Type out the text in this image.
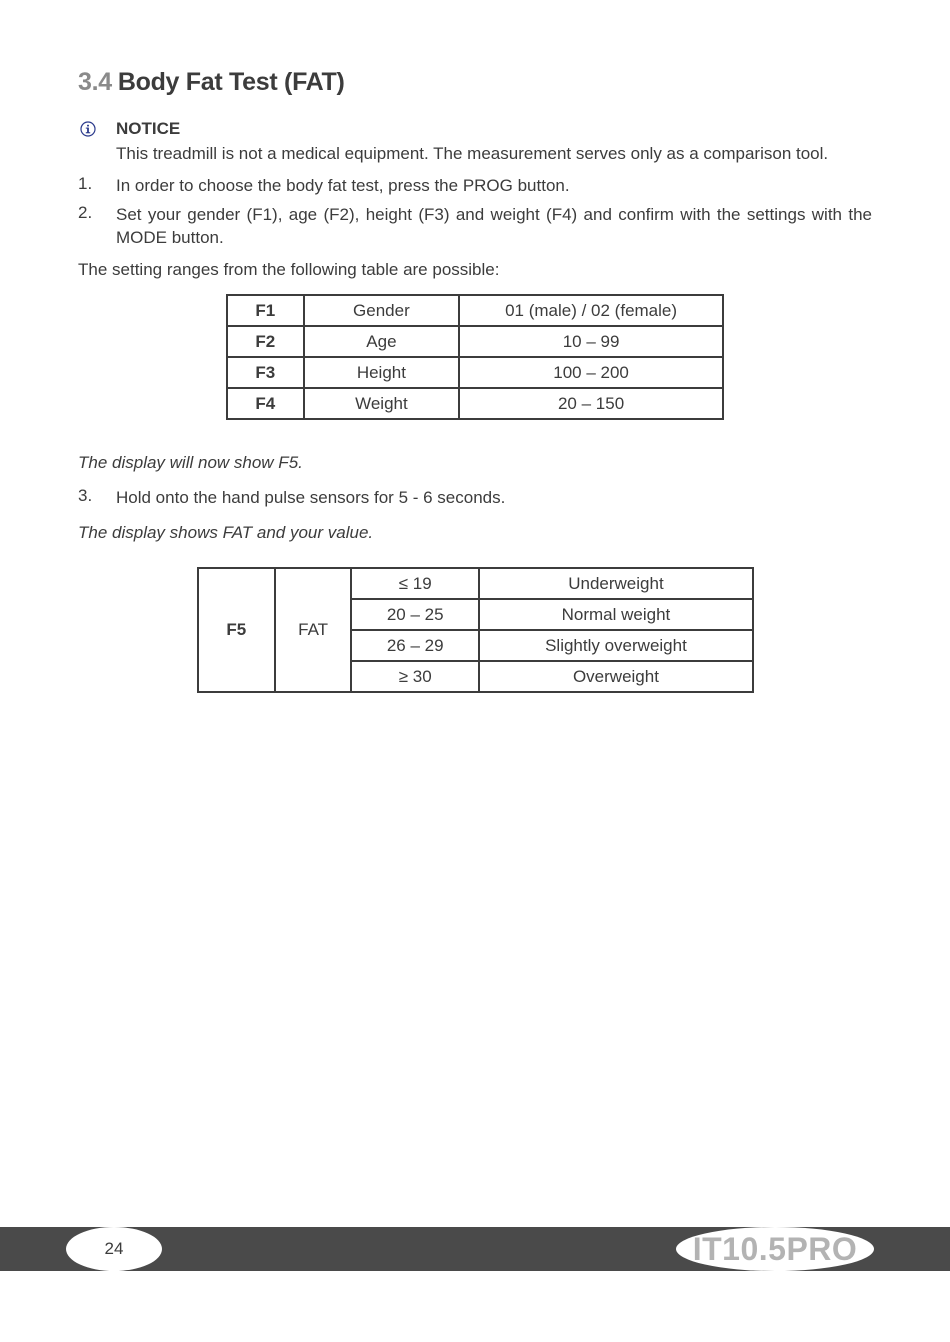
3.4 Body Fat Test (FAT)
NOTICE
This treadmill is not a medical equipment. The measurement serves only as a comparison tool.
1. In order to choose the body fat test, press the PROG button.
2. Set your gender (F1), age (F2), height (F3) and weight (F4) and confirm with the settings with the MODE button.
The setting ranges from the following table are possible:
F1	Gender	01 (male) / 02 (female)
F2	Age	10 – 99
F3	Height	100 – 200
F4	Weight	20 – 150
The display will now show F5.
3. Hold onto the hand pulse sensors for 5 - 6 seconds.
The display shows FAT and your value.
F5	FAT	≤ 19	Underweight
		20 – 25	Normal weight
		26 – 29	Slightly overweight
		≥ 30	Overweight
24	IT10.5PRO
